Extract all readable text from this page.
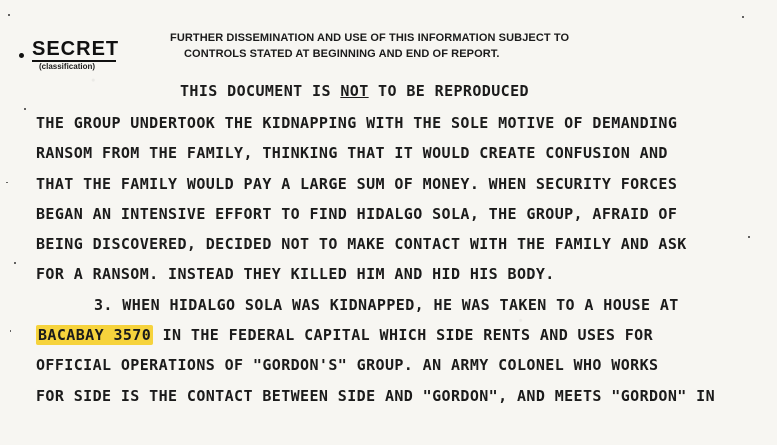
SECRET
(classification)
FURTHER DISSEMINATION AND USE OF THIS INFORMATION SUBJECT TO
CONTROLS STATED AT BEGINNING AND END OF REPORT.
THIS DOCUMENT IS NOT TO BE REPRODUCED
THE GROUP UNDERTOOK THE KIDNAPPING WITH THE SOLE MOTIVE OF DEMANDING
RANSOM FROM THE FAMILY, THINKING THAT IT WOULD CREATE CONFUSION AND
THAT THE FAMILY WOULD PAY A LARGE SUM OF MONEY. WHEN SECURITY FORCES
BEGAN AN INTENSIVE EFFORT TO FIND HIDALGO SOLA, THE GROUP, AFRAID OF
BEING DISCOVERED, DECIDED NOT TO MAKE CONTACT WITH THE FAMILY AND ASK
FOR A RANSOM. INSTEAD THEY KILLED HIM AND HID HIS BODY.
3. WHEN HIDALGO SOLA WAS KIDNAPPED, HE WAS TAKEN TO A HOUSE AT
BACABAY 3570 IN THE FEDERAL CAPITAL WHICH SIDE RENTS AND USES FOR
OFFICIAL OPERATIONS OF "GORDON'S" GROUP. AN ARMY COLONEL WHO WORKS
FOR SIDE IS THE CONTACT BETWEEN SIDE AND "GORDON", AND MEETS "GORDON" IN
